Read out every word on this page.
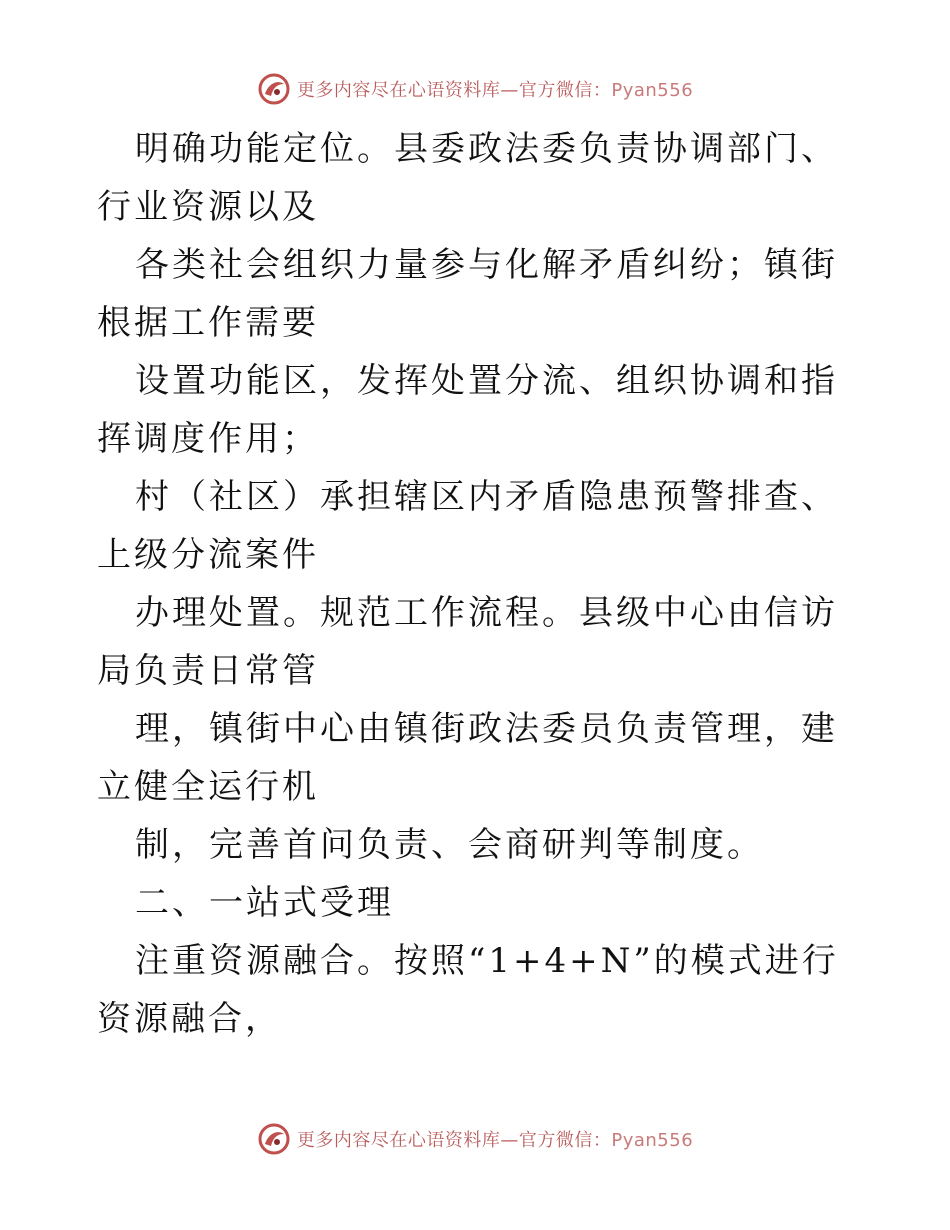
更多内容尽在心语资料库—官方微信：Pyan556

明确功能定位。县委政法委负责协调部门、行业资源以及

各类社会组织力量参与化解矛盾纠纷；镇街根据工作需要

设置功能区，发挥处置分流、组织协调和指挥调度作用；

村（社区）承担辖区内矛盾隐患预警排查、上级分流案件

办理处置。规范工作流程。县级中心由信访局负责日常管

理，镇街中心由镇街政法委员负责管理，建立健全运行机

制，完善首问负责、会商研判等制度。

二、一站式受理

注重资源融合。按照“1+4+N”的模式进行资源融合，

更多内容尽在心语资料库—官方微信：Pyan556
